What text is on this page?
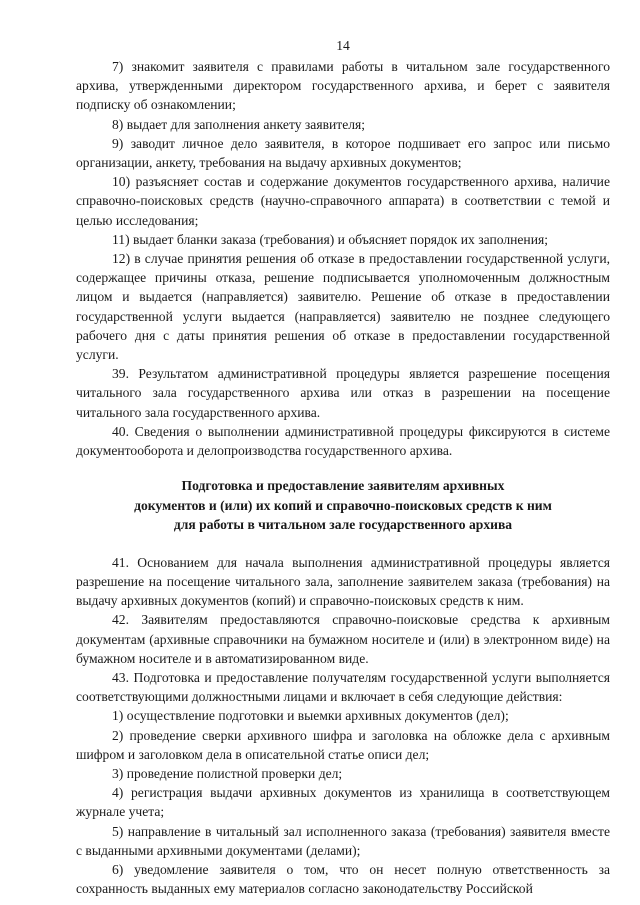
14

7) знакомит заявителя с правилами работы в читальном зале государственного архива, утвержденными директором государственного архива, и берет с заявителя подписку об ознакомлении;

8) выдает для заполнения анкету заявителя;

9) заводит личное дело заявителя, в которое подшивает его запрос или письмо организации, анкету, требования на выдачу архивных документов;

10) разъясняет состав и содержание документов государственного архива, наличие справочно-поисковых средств (научно-справочного аппарата) в соответствии с темой и целью исследования;

11) выдает бланки заказа (требования) и объясняет порядок их заполнения;

12) в случае принятия решения об отказе в предоставлении государственной услуги, содержащее причины отказа, решение подписывается уполномоченным должностным лицом и выдается (направляется) заявителю. Решение об отказе в предоставлении государственной услуги выдается (направляется) заявителю не позднее следующего рабочего дня с даты принятия решения об отказе в предоставлении государственной услуги.

39. Результатом административной процедуры является разрешение посещения читального зала государственного архива или отказ в разрешении на посещение читального зала государственного архива.

40. Сведения о выполнении административной процедуры фиксируются в системе документооборота и делопроизводства государственного архива.

Подготовка и предоставление заявителям архивных
документов и (или) их копий и справочно-поисковых средств к ним
для работы в читальном зале государственного архива

41. Основанием для начала выполнения административной процедуры является разрешение на посещение читального зала, заполнение заявителем заказа (требования) на выдачу архивных документов (копий) и справочно-поисковых средств к ним.

42. Заявителям предоставляются справочно-поисковые средства к архивным документам (архивные справочники на бумажном носителе и (или) в электронном виде) на бумажном носителе и в автоматизированном виде.

43. Подготовка и предоставление получателям государственной услуги выполняется соответствующими должностными лицами и включает в себя следующие действия:

1) осуществление подготовки и выемки архивных документов (дел);

2) проведение сверки архивного шифра и заголовка на обложке дела с архивным шифром и заголовком дела в описательной статье описи дел;

3) проведение полистной проверки дел;

4) регистрация выдачи архивных документов из хранилища в соответствующем журнале учета;

5) направление в читальный зал исполненного заказа (требования) заявителя вместе с выданными архивными документами (делами);

6) уведомление заявителя о том, что он несет полную ответственность за сохранность выданных ему материалов согласно законодательству Российской
